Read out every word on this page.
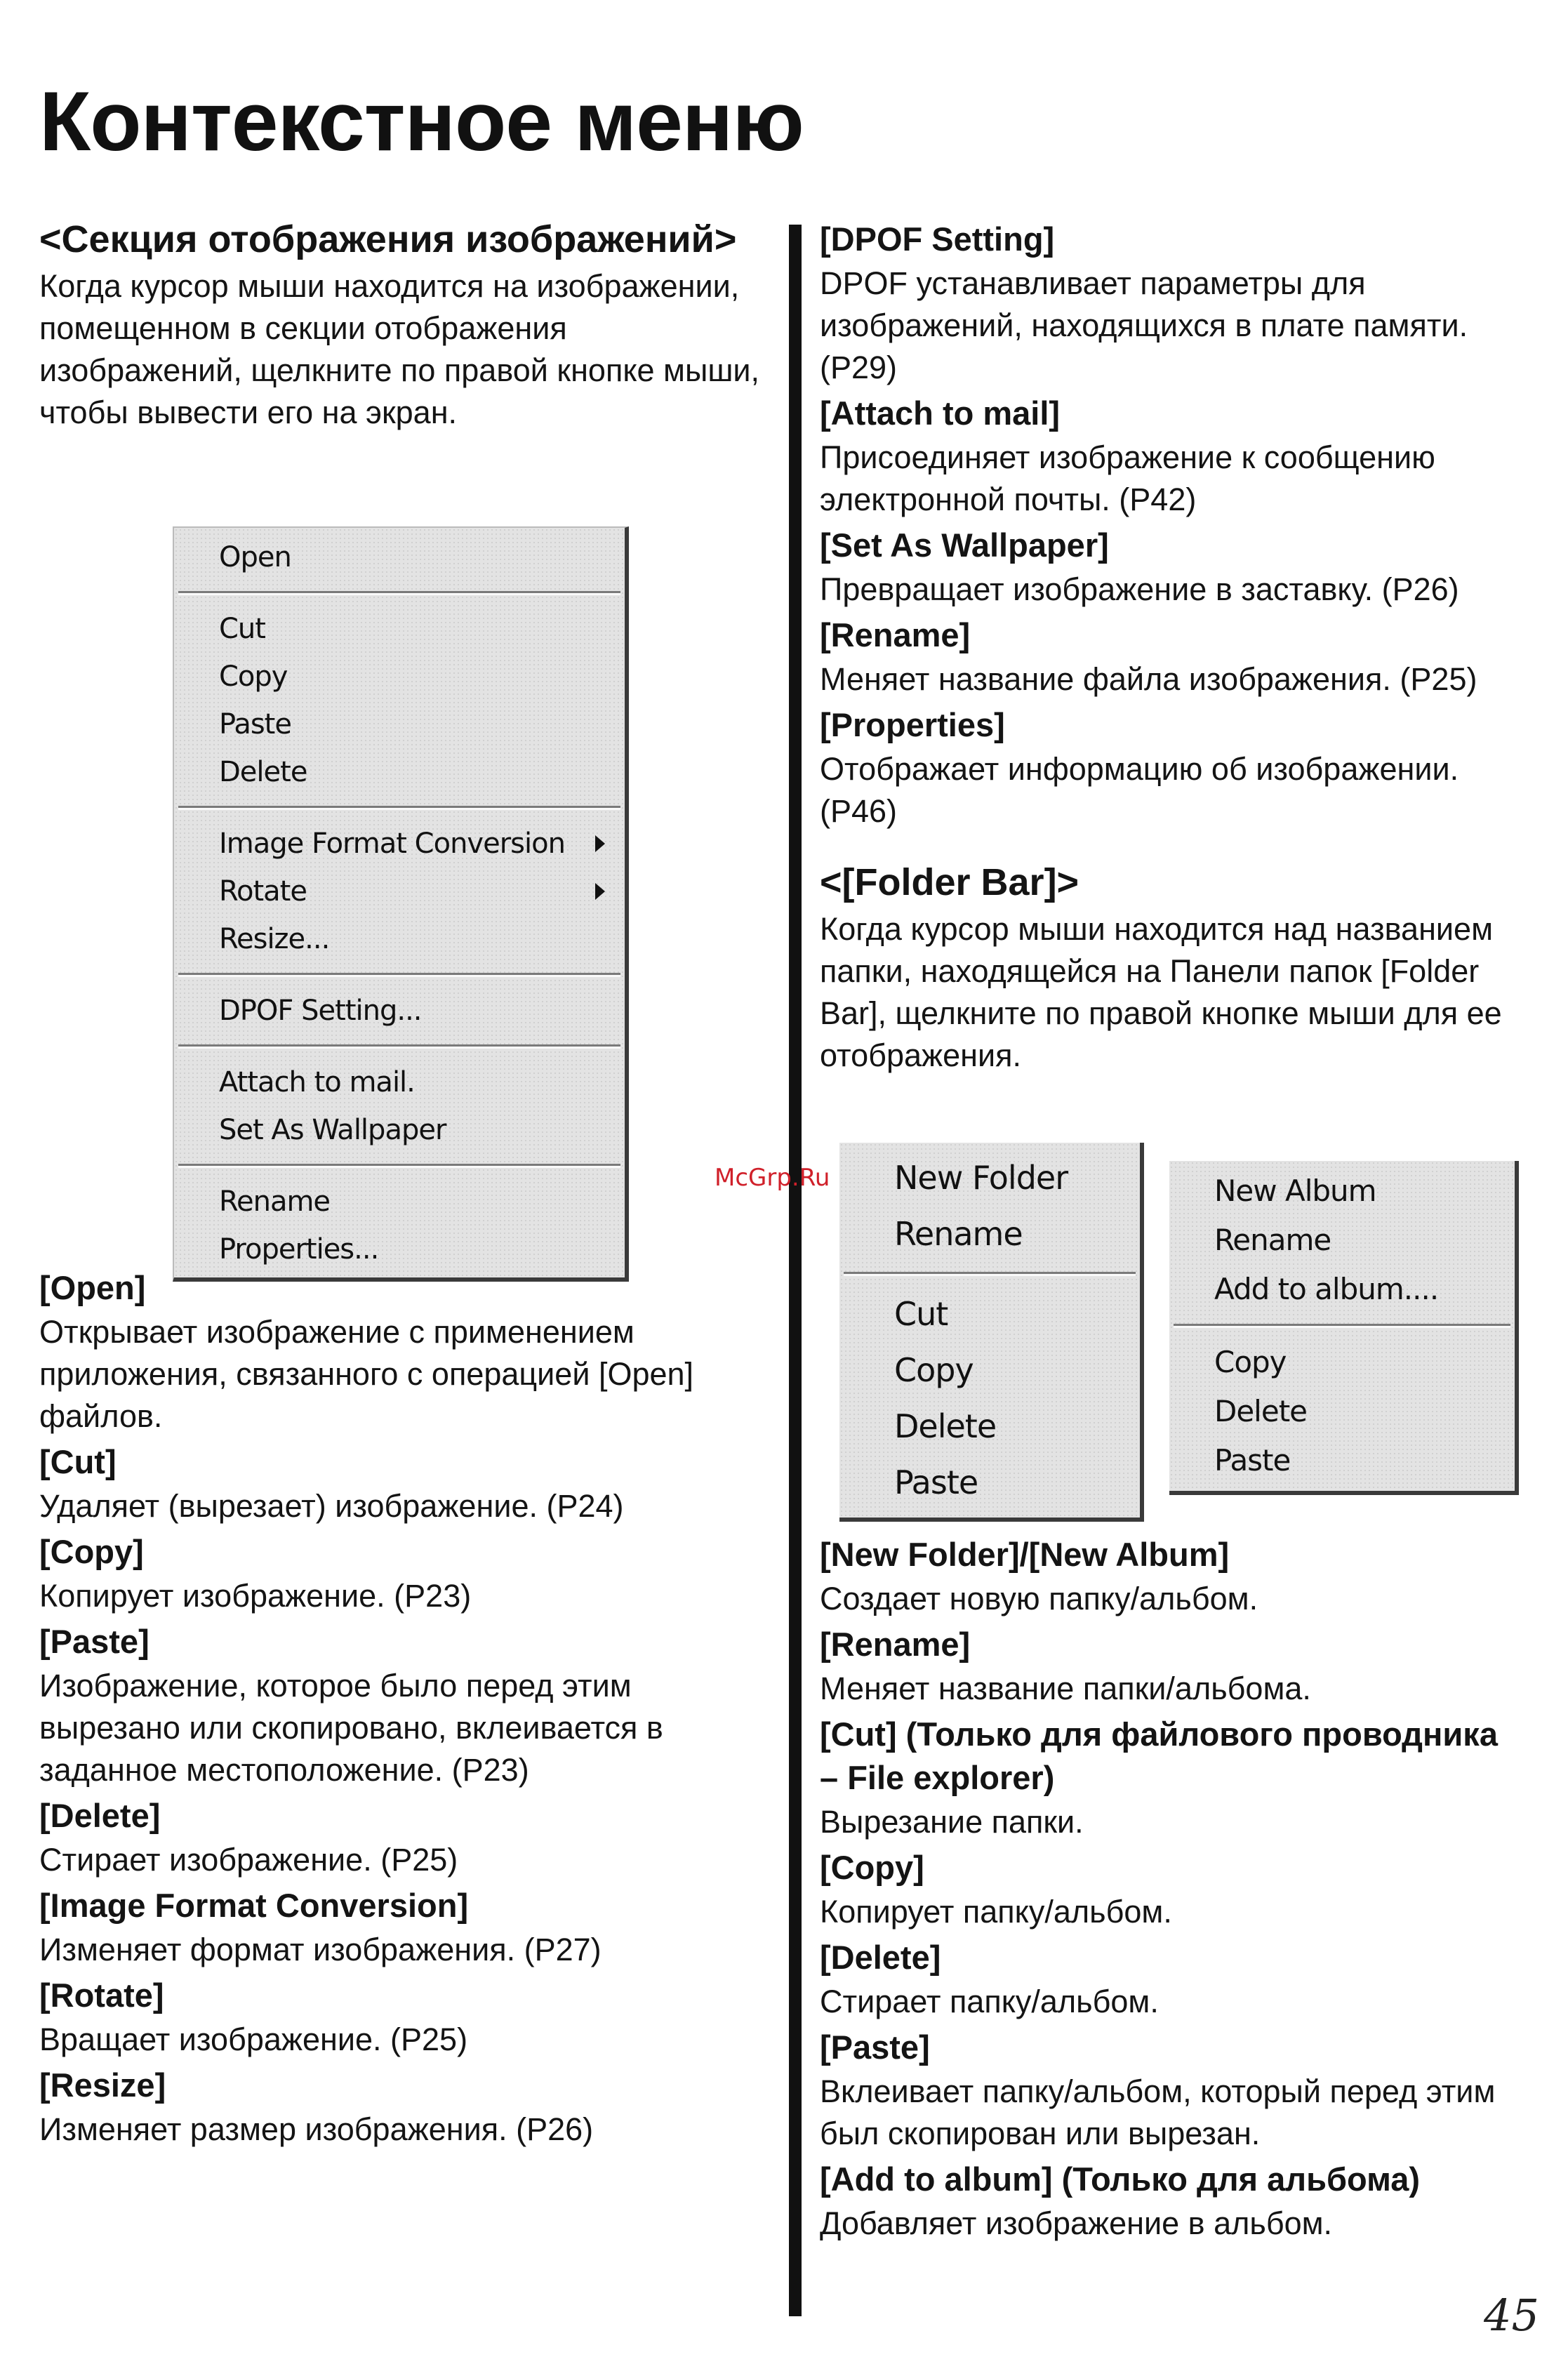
Контекстное меню
<Секция отображения изображений>

Когда курсор мыши находится на изображении, помещенном в секции отображения изображений, щелкните по правой кнопке мыши, чтобы вывести его на экран.

Open
Cut
Copy
Paste
Delete
Image Format Conversion
Rotate
Resize...
DPOF Setting...
Attach to mail.
Set As Wallpaper
Rename
Properties...
[Open]

Открывает изображение с применением приложения, связанного с операцией [Open] файлов.

[Cut]

Удаляет (вырезает) изображение. (P24)

[Copy]

Копирует изображение. (P23)

[Paste]

Изображение, которое было перед этим вырезано или скопировано, вклеивается в заданное местоположение. (P23)

[Delete]

Стирает изображение. (P25)

[Image Format Conversion]

Изменяет формат изображения. (P27)

[Rotate]

Вращает изображение. (P25)

[Resize]

Изменяет размер изображения. (P26)

[DPOF Setting]

DPOF устанавливает параметры для изображений, находящихся в плате памяти. (P29)

[Attach to mail]

Присоединяет изображение к сообщению электронной почты. (P42)

[Set As Wallpaper]

Превращает изображение в заставку. (P26)

[Rename]

Меняет название файла изображения. (P25)

[Properties]

Отображает информацию об изображении. (P46)

<[Folder Bar]>

Когда курсор мыши находится над названием папки, находящейся на Панели папок [Folder Bar], щелкните по правой кнопке мыши для ее отображения.

New Folder
Rename
Cut
Copy
Delete
Paste
New Album
Rename
Add to album....
Copy
Delete
Paste
McGrp.Ru
[New Folder]/[New Album]

Создает новую папку/альбом.

[Rename]

Меняет название папки/альбома.

[Cut] (Только для файлового проводника – File explorer)

Вырезание папки.

[Copy]

Копирует папку/альбом.

[Delete]

Стирает папку/альбом.

[Paste]

Вклеивает папку/альбом, который перед этим был скопирован или вырезан.

[Add to album] (Только для альбома)

Добавляет изображение в альбом.

45
